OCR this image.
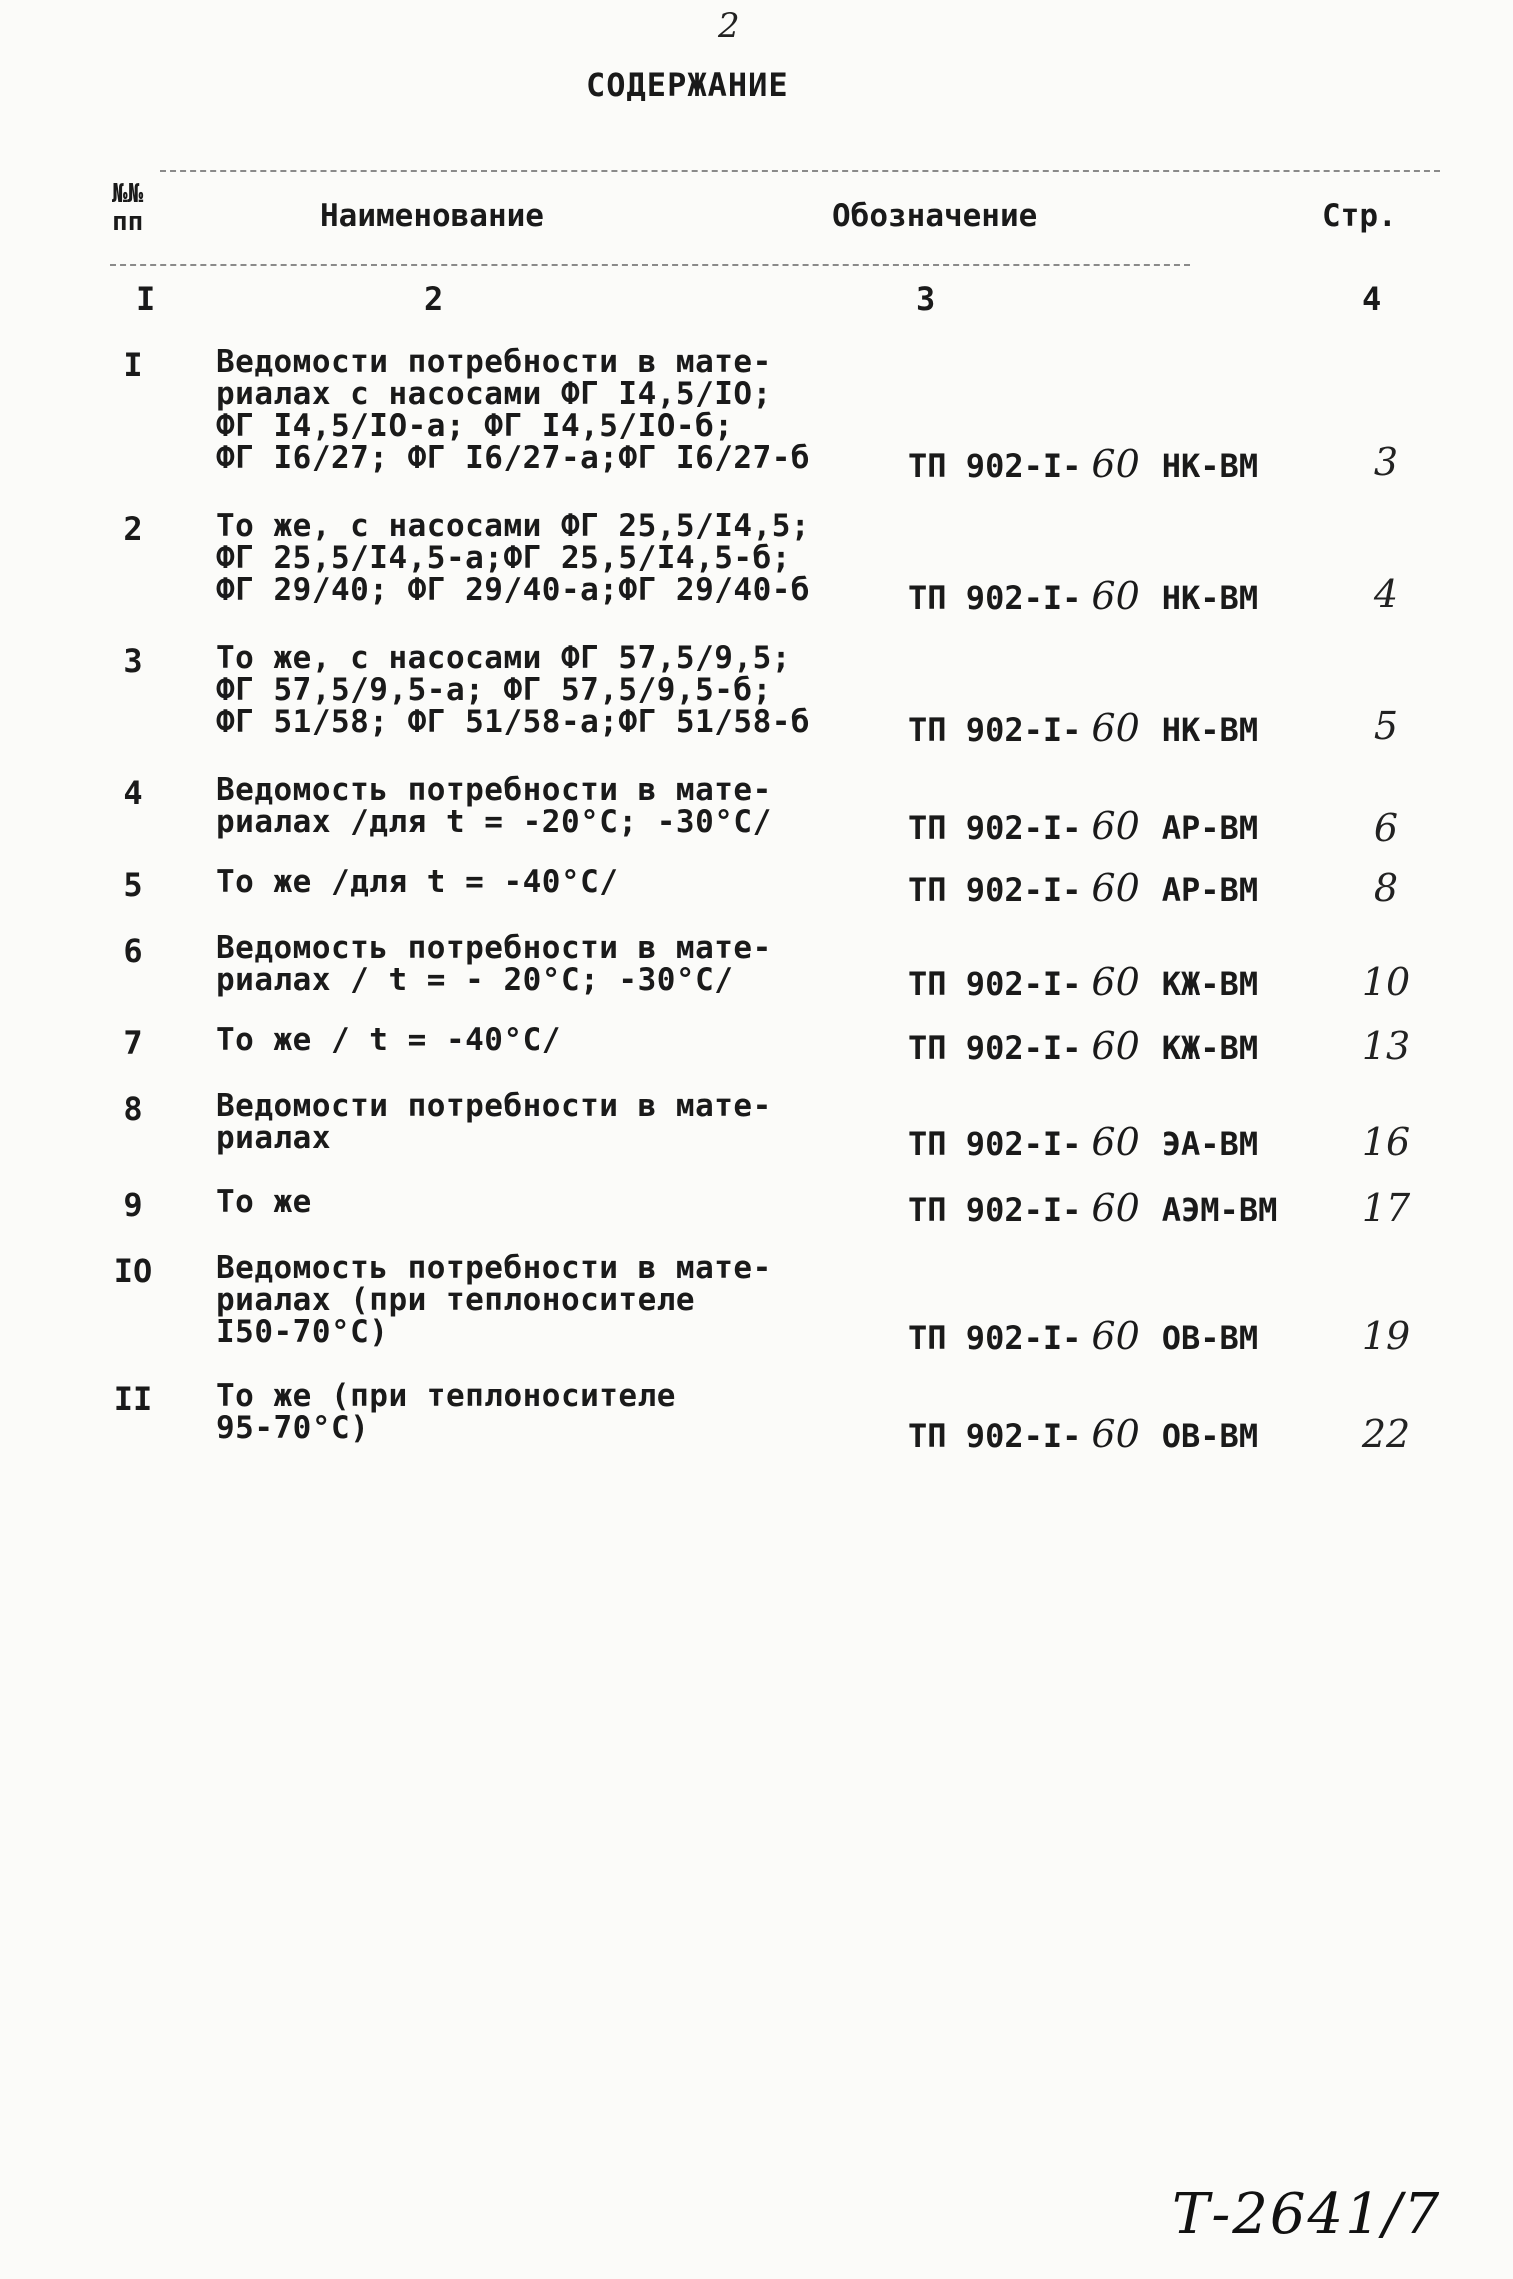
2
СОДЕРЖАНИЕ
№№
пп	Наименование	Обозначение	Стр.
I	2	3	4
I	Ведомости потребности в мате-
риалах с насосами ФГ I4,5/IO;
ФГ I4,5/IO-а; ФГ I4,5/IO-б;
ФГ I6/27; ФГ I6/27-а;ФГ I6/27-б	ТП 902-I- 60 НК-ВМ	3
2	То же, с насосами ФГ 25,5/I4,5;
ФГ 25,5/I4,5-а;ФГ 25,5/I4,5-б;
ФГ 29/40; ФГ 29/40-а;ФГ 29/40-б	ТП 902-I- 60 НК-ВМ	4
3	То же, с насосами ФГ 57,5/9,5;
ФГ 57,5/9,5-а; ФГ 57,5/9,5-б;
ФГ 51/58; ФГ 51/58-а;ФГ 51/58-б	ТП 902-I- 60 НК-ВМ	5
4	Ведомость потребности в мате-
риалах /для t = -20°С; -30°С/	ТП 902-I- 60 АР-ВМ	6
5	То же /для t = -40°С/	ТП 902-I- 60 АР-ВМ	8
6	Ведомость потребности в мате-
риалах / t = - 20°С; -30°С/	ТП 902-I- 60 КЖ-ВМ	10
7	То же / t = -40°С/	ТП 902-I- 60 КЖ-ВМ	13
8	Ведомости потребности в мате-
риалах	ТП 902-I- 60 ЭА-ВМ	16
9	То же	ТП 902-I- 60 АЭМ-ВМ	17
IO Ведомость потребности в мате-
риалах (при теплоносителе
I50-70°С)	ТП 902-I- 60 ОВ-ВМ	19
II То же (при теплоносителе
95-70°С)	ТП 902-I- 60 ОВ-ВМ	22
Т-2641/7
